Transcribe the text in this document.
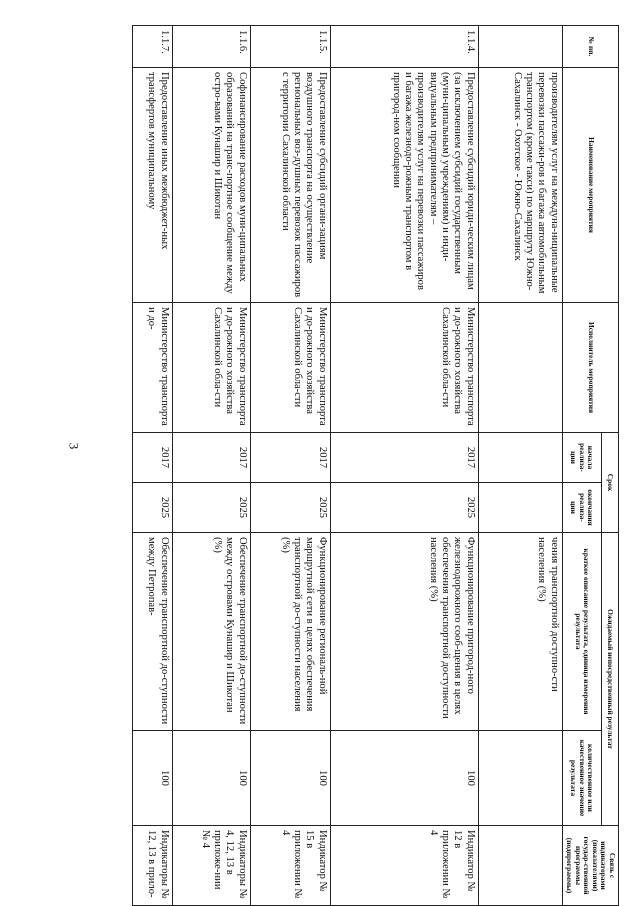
3
№ пп.	Наименование мероприятия	Исполнитель мероприятия	Срок		Ожидаемый непосредственный результат		Связь с индикаторами (показателями) государ-ственной программы (подпрограммы)
			начала реализа-ции	окончания реализа-ции	краткое описание результата, единица измерения результата	количественное или качественное значение результата	
	производителям услуг на междуна-ниципальные перевозки пассажи-ров и багажа автомобильным транспортом (кроме такси) по маршруту Южно-Сахалинск - Охотское - Южно-Сахалинск				чения транспортной доступно-сти населения (%)		
1.1.4.	Предоставление субсидий юриди-ческим лицам (за исключением субсидий государственным (муни-ципальным) учреждениям) и инди-видуальным предпринимателям – производителям услуг на перевозки пассажиров и багажа железнодо-рожным транспортом в пригород-ном сообщении	Министерство транспорта и до-рожного хозяйства Сахалинской обла-сти	2017	2025	Функционирование пригород-ного железнодорожного сооб-щения в целях обеспечения транспортной доступности населения (%)	100	Индикатор № 12 в приложении № 4
1.1.5.	Предоставление субсидий органи-зациям воздушного транспорта на осуществление региональных воз-душных перевозок пассажиров с территории Сахалинской области	Министерство транспорта и до-рожного хозяйства Сахалинской обла-сти	2017	2025	Функционирование региональ-ной маршрутной сети в целях обеспечения транспортной до-ступности населения (%)	100	Индикатор № 15 в приложении № 4
1.1.6.	Софинансирование расходов муни-ципальных образований на транс-портное сообщение между остро-вами Кунашир и Шикотан	Министерство транспорта и до-рожного хозяйства Сахалинской обла-сти	2017	2025	Обеспечение транспортной до-ступности между островами Кунашир и Шикотан (%)	100	Индикаторы № 4, 12, 13 в приложе-нии № 4
1.1.7.	Предоставление иных межбюджет-ных трансфертов муниципальному	Министерство транспорта и до-	2017	2025	Обеспечение транспортной до-ступности между Петропав-	100	Индикаторы № 12, 13 в прило-
